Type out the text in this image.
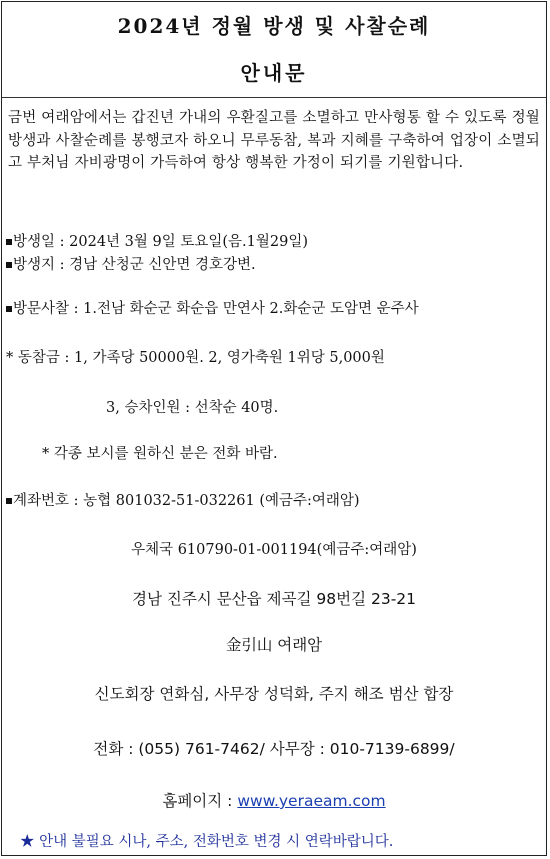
2024년 정월 방생 및 사찰순례
안내문
금번 여래암에서는 갑진년 가내의 우환질고를 소멸하고 만사형통 할 수 있도록 정월방생과 사찰순례를 봉행코자 하오니 무루동참, 복과 지혜를 구축하여 업장이 소멸되고 부처님 자비광명이 가득하여 항상 행복한 가정이 되기를 기원합니다.
방생일 : 2024년 3월 9일 토요일(음.1월29일)
방생지 : 경남 산청군 신안면 경호강변.
방문사찰 : 1.전남 화순군 화순읍 만연사 2.화순군 도암면 운주사
* 동참금 : 1, 가족당 50000원. 2, 영가축원 1위당 5,000원
3, 승차인원 : 선착순 40명.
* 각종 보시를 원하신 분은 전화 바람.
계좌번호 : 농협 801032-51-032261 (예금주:여래암)
우체국 610790-01-001194(예금주:여래암)
경남 진주시 문산읍 제곡길 98번길 23-21
金引山 여래암
신도회장 연화심, 사무장 성덕화, 주지 해조 범산 합장
전화 : (055) 761-7462/ 사무장 : 010-7139-6899/
홈페이지 : www.yeraeam.com
★ 안내 불필요 시나, 주소, 전화번호 변경 시 연락바랍니다.
